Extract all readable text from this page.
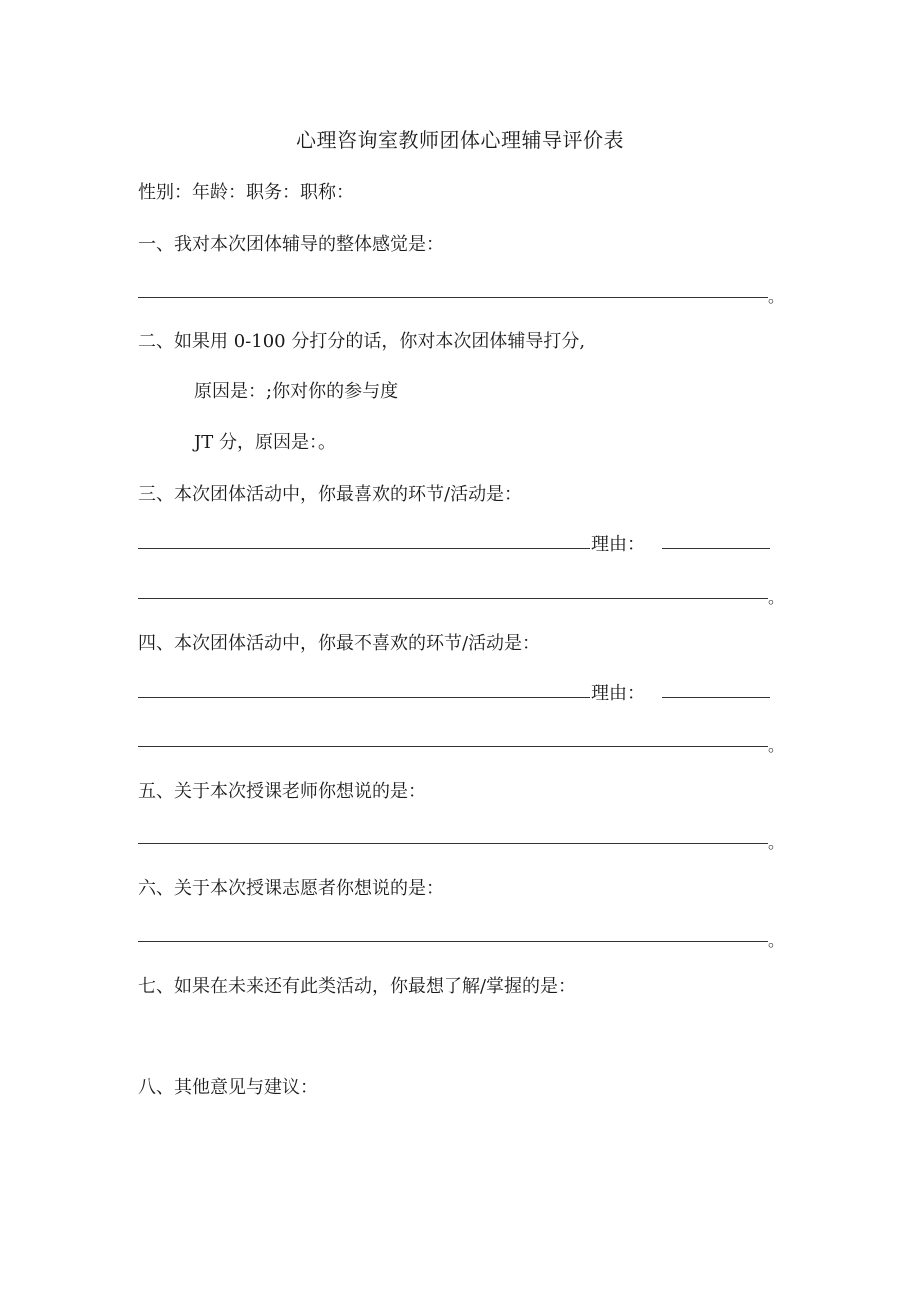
心理咨询室教师团体心理辅导评价表
性别：年龄：职务：职称：
一、我对本次团体辅导的整体感觉是：
。
二、如果用 0-100 分打分的话，你对本次团体辅导打分,
原因是：;你对你的参与度
JT 分，原因是：。
三、本次团体活动中，你最喜欢的环节/活动是：
理由：
。
四、本次团体活动中，你最不喜欢的环节/活动是：
理由：
。
五、关于本次授课老师你想说的是：
。
六、关于本次授课志愿者你想说的是：
。
七、如果在未来还有此类活动，你最想了解/掌握的是：
八、其他意见与建议：
